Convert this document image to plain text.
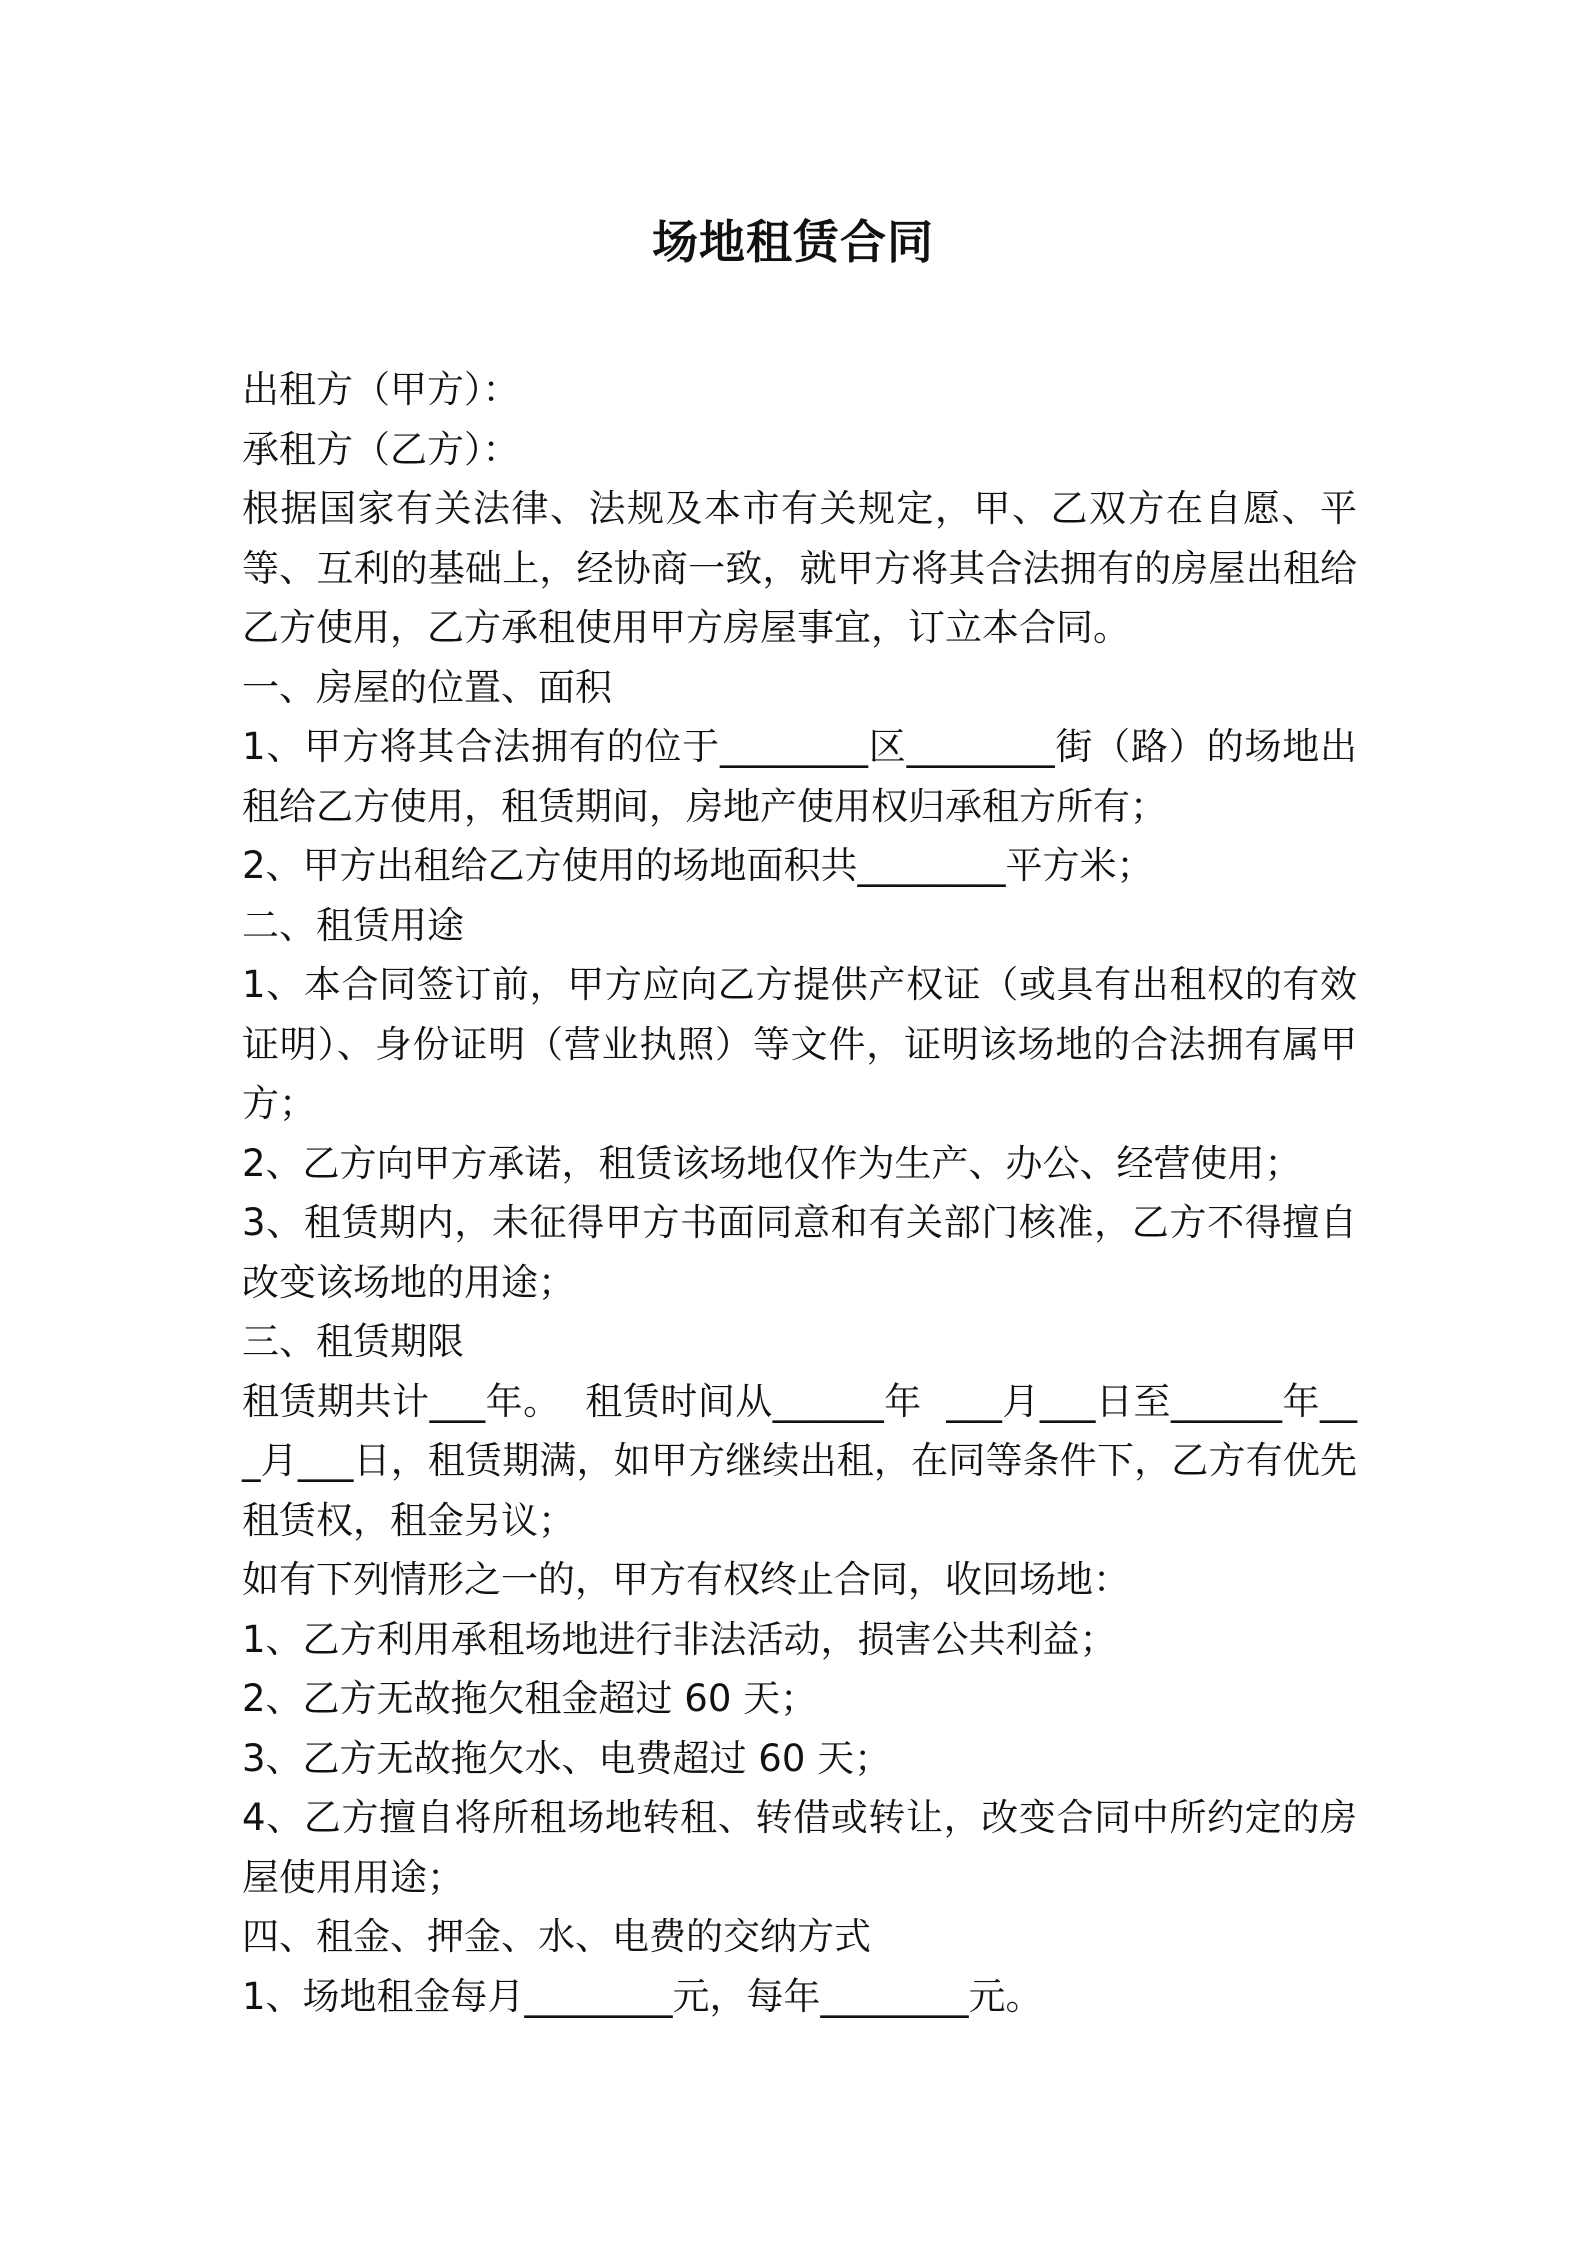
场地租赁合同

出租方（甲方）：

承租方（乙方）：

根据国家有关法律、法规及本市有关规定，甲、乙双方在自愿、平等、互利的基础上，经协商一致，就甲方将其合法拥有的房屋出租给乙方使用，乙方承租使用甲方房屋事宜，订立本合同。

一、房屋的位置、面积

1、甲方将其合法拥有的位于________区________街（路）的场地出租给乙方使用，租赁期间，房地产使用权归承租方所有；

2、甲方出租给乙方使用的场地面积共________平方米；

二、租赁用途

1、本合同签订前，甲方应向乙方提供产权证（或具有出租权的有效证明）、身份证明（营业执照）等文件，证明该场地的合法拥有属甲方；

2、乙方向甲方承诺，租赁该场地仅作为生产、办公、经营使用；

3、租赁期内，未征得甲方书面同意和有关部门核准，乙方不得擅自改变该场地的用途；

三、租赁期限

租赁期共计___年。  租赁时间从______年  ___月___日至______年___月___日，租赁期满，如甲方继续出租，在同等条件下，乙方有优先租赁权，租金另议；

如有下列情形之一的，甲方有权终止合同，收回场地：

1、乙方利用承租场地进行非法活动，损害公共利益；

2、乙方无故拖欠租金超过 60 天；

3、乙方无故拖欠水、电费超过 60 天；

4、乙方擅自将所租场地转租、转借或转让，改变合同中所约定的房屋使用用途；

四、租金、押金、水、电费的交纳方式

1、场地租金每月________元，每年________元。
